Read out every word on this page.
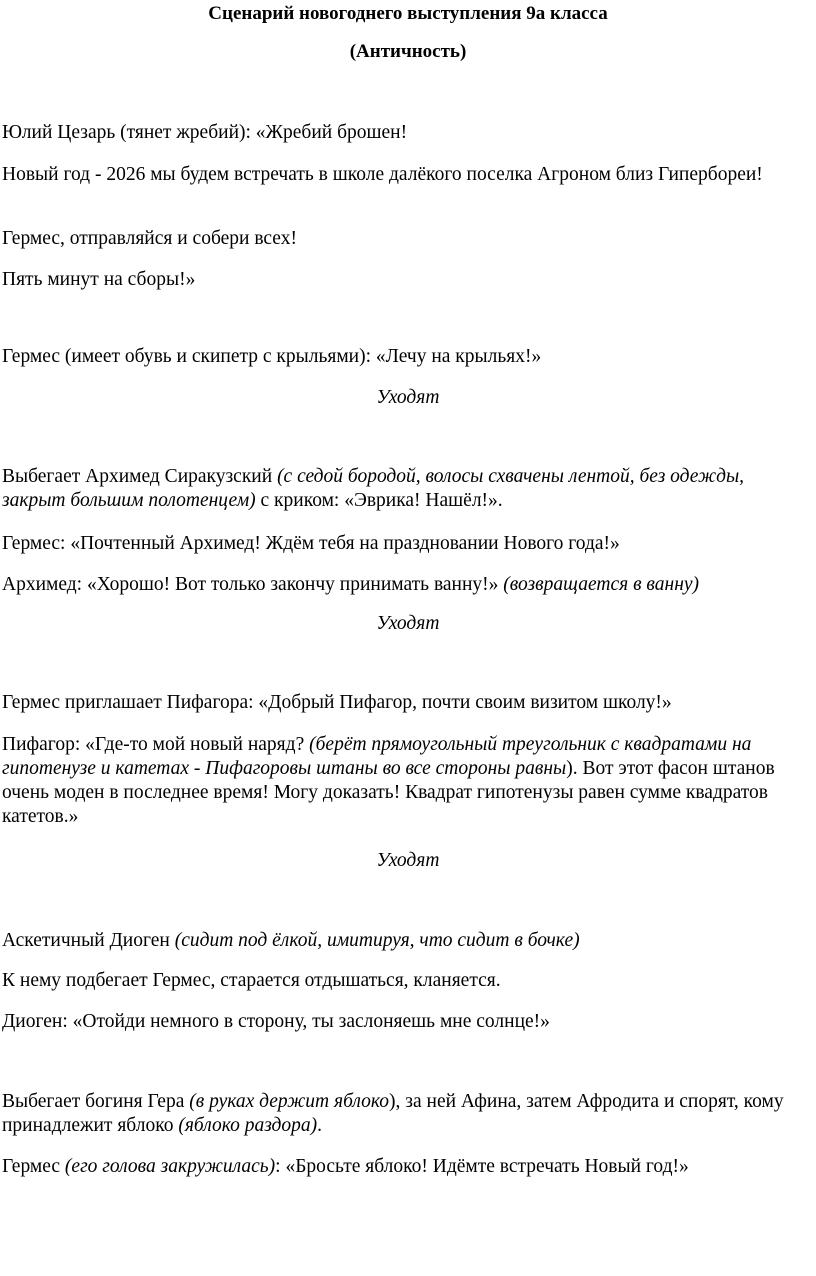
Сценарий новогоднего выступления 9а класса
(Античность)
Юлий Цезарь (тянет жребий): «Жребий брошен!
Новый год - 2026 мы будем встречать в школе далёкого поселка Агроном близ Гипербореи!
Гермес, отправляйся и собери всех!
Пять минут на сборы!»
Гермес (имеет обувь и скипетр с крыльями): «Лечу на крыльях!»
Уходят
Выбегает Архимед Сиракузский (с седой бородой, волосы схвачены лентой, без одежды, закрыт большим полотенцем) с криком: «Эврика! Нашёл!».
Гермес: «Почтенный Архимед! Ждём тебя на праздновании Нового года!»
Архимед: «Хорошо! Вот только закончу принимать ванну!» (возвращается в ванну)
Уходят
Гермес приглашает Пифагора: «Добрый Пифагор, почти своим визитом школу!»
Пифагор: «Где-то мой новый наряд? (берёт прямоугольный треугольник с квадратами на гипотенузе и катетах - Пифагоровы штаны во все стороны равны). Вот этот фасон штанов очень моден в последнее время! Могу доказать! Квадрат гипотенузы равен сумме квадратов катетов.»
Уходят
Аскетичный Диоген (сидит под ёлкой, имитируя, что сидит в бочке)
К нему подбегает Гермес, старается отдышаться, кланяется.
Диоген: «Отойди немного в сторону, ты заслоняешь мне солнце!»
Выбегает богиня Гера (в руках держит яблоко), за ней Афина, затем Афродита и спорят, кому принадлежит яблоко (яблоко раздора).
Гермес (его голова закружилась): «Бросьте яблоко! Идёмте встречать Новый год!»
